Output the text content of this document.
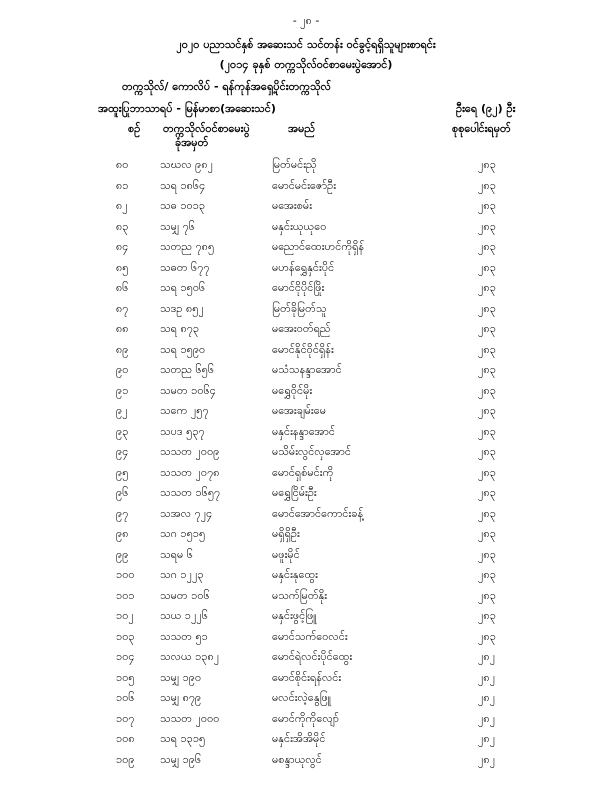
- ၂၈ -
၂၀၂၀ ပညာသင်နှစ် အဆေးသင် သင်တန်း ဝင်ခွင့်ရရှိသူများစာရင်း
(၂၀၁၄ ခုနှစ် တက္ကသိုလ်ဝင်စာမေးပွဲအောင်)
တက္ကသိုလ်/ ကောလိပ် - ရန်ကုန်အရှေ့ပိုင်းတက္ကသိုလ်
အထူးပြုဘာသာရပ် - မြန်မာစာ(အဆေးသင်)	ဦးရေ (၉၂) ဦး
စဉ် တက္ကသိုလ်ဝင်စာမေးပွဲ
ခုံအမှတ်
အမည်	စုစုပေါင်းရမှတ်
၈၀	သဃလ ၉၈၂	မြတ်မင်းညို	၂၈၃
၈၁	သရ ၁၈၆၄	မောင်မင်းဇော်ဦး	၂၈၃
၈၂	သဓ ၁၀၁၃	မအေးစမ်း	၂၈၃
၈၃	သမျှ ၇၆	မနှင်းယုယုဝေ	၂၈၃
၈၄	သတည ၇၈၅	မညောင်ထေးဟင်ကိုရှိန်	၂၈၃
၈၅	သဓတ ၆၇၇	မဟန်ရွှေနှင်းပိုင်	၂၈၃
၈၆	သရ ၁၅၀၆	မောင်ငိုပိုင်ဖြိုး	၂၈၃
၈၇	သဒဥ ၈၅၂	မြတ်ခိုမြတ်သူ	၂၈၃
၈၈	သရ ၈၇၃	မအေးဝတ်ရည်	၂၈၃
၈၉	သရ ၁၅၉၀	မောင်နိုင်ဝိုင်ရှိန်း	၂၈၃
၉၀	သတည ၆၅၆	မသံသနန္ဒာအောင်	၂၈၃
၉၁	သမတ ၁၀၆၄	မရွှေဝိုင်မိုး	၂၈၃
၉၂	သကေ ၂၅၇	မအေးချမ်းမေ	၂၈၃
၉၃	သပဒ ၅၃၇	မနှင်းနန္ဒာအောင်	၂၈၃
၉၄	သသတ ၂၀၀၉	မသိမ်းလွင်လှအောင်	၂၈၃
၉၅	သသတ ၂၀၇၈	မောင်ရှစ်မင်းကို	၂၈၃
၉၆	သသတ ၁၆၅၇	မရွှေငြိမ်းဦး	၂၈၃
၉၇	သအလ ၇၂၄	မောင်အောင်ကောင်းခန့်	၂၈၃
၉၈	သဂ ၁၅၁၅	မရှိရှိဦး	၂၈၃
၉၉	သရမ ၆	မဖူးမိုင်	၂၈၃
၁၀၀ သဂ ၁၂၂၃	မနှင်းနုထွေး	၂၈၃
၁၀၁ သမတ ၁၀၆	မသက်မြတ်နိုး	၂၈၃
၁၀၂ သယ ၁၂၂၆	မနှင်းဖွင့်ဖြူ	၂၈၃
၁၀၃ သသတ ၅၁	မောင်သက်ဝေလင်း	၂၈၃
၁၀၄ သလယ ၁၃၈၂	မောင်ရဲလင်းပိုင်ထွေး	၂၈၂
၁၀၅ သမျှ ၁၉၀	မောင်စိုင်းရန်လင်း	၂၈၂
၁၀၆ သမျှ ၈၇၉	မလင်းလဲ့နွေဖြူ	၂၈၂
၁၀၇ သသတ ၂၀၀၀	မောင်ကိုကိုလျော်	၂၈၂
၁၀၈ သရ ၁၃၁၅	မနှင်းအိအိမိုင်	၂၈၂
၁၀၉ သမျှ ၁၉၆	မစန္ဒာယုလွင်	၂၈၂
